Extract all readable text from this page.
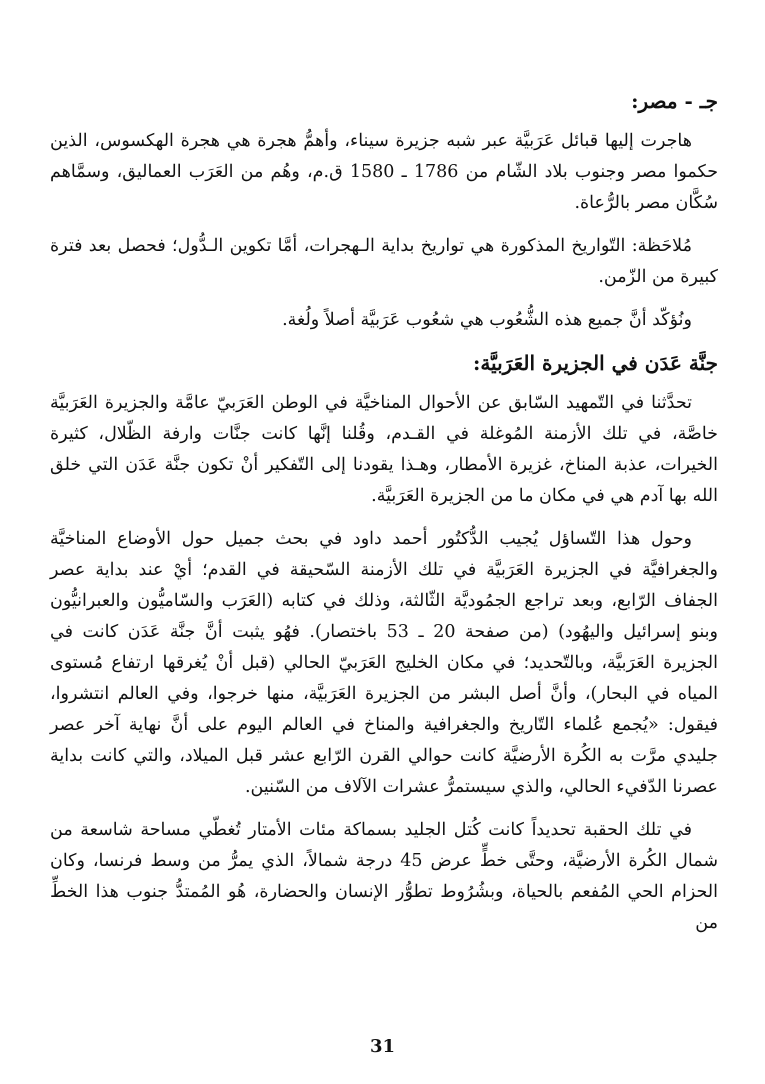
جـ - مصر:

هاجرت إليها قبائل عَرَبيَّة عبر شبه جزيرة سيناء، وأهمُّ هجرة هي هجرة الهكسوس، الذين حكموا مصر وجنوب بلاد الشّام من 1786 ـ 1580 ق.م، وهُم من العَرَب العماليق، وسمَّاهم سُكَّان مصر بالرُّعاة.

مُلاحَظة: التّواريخ المذكورة هي تواريخ بداية الـهجرات، أمَّا تكوين الـدُّول؛ فحصل بعد فترة كبيرة من الزّمن.

ونُؤكّد أنَّ جميع هذه الشُّعُوب هي شعُوب عَرَبيَّة أصلاً ولُغة.

جنَّة عَدَن في الجزيرة العَرَبيَّة:

تحدَّثنا في التّمهيد السّابق عن الأحوال المناخيَّة في الوطن العَرَبيّ عامَّة والجزيرة العَرَبيَّة خاصَّة، في تلك الأزمنة المُوغلة في القـدم، وقُلنا إنَّها كانت جنَّات وارفة الظّلال، كثيرة الخيرات، عذبة المناخ، غزيرة الأمطار، وهـذا يقودنا إلى التّفكير أنْ تكون جنَّة عَدَن التي خلق الله بها آدم هي في مكان ما من الجزيرة العَرَبيَّة.

وحول هذا التّساؤل يُجيب الدُّكتُور أحمد داود في بحث جميل حول الأوضاع المناخيَّة والجغرافيَّة في الجزيرة العَرَبيَّة في تلك الأزمنة السّحيقة في القدم؛ أيْ عند بداية عصر الجفاف الرّابع، وبعد تراجع الجمُوديَّة الثّالثة، وذلك في كتابه (العَرَب والسّاميُّون والعبرانيُّون وبنو إسرائيل واليهُود) (من صفحة 20 ـ 53 باختصار). فهُو يثبت أنَّ جنَّة عَدَن كانت في الجزيرة العَرَبيَّة، وبالتّحديد؛ في مكان الخليج العَرَبيّ الحالي (قبل أنْ يُغرقها ارتفاع مُستوى المياه في البحار)، وأنَّ أصل البشر من الجزيرة العَرَبيَّة، منها خرجوا، وفي العالم انتشروا، فيقول: «يُجمع عُلماء التّاريخ والجغرافية والمناخ في العالم اليوم على أنَّ نهاية آخر عصر جليدي مرَّت به الكُرة الأرضيَّة كانت حوالي القرن الرّابع عشر قبل الميلاد، والتي كانت بداية عصرنا الدّفيء الحالي، والذي سيستمرُّ عشرات الآلاف من السّنين.

في تلك الحقبة تحديداً كانت كُتل الجليد بسماكة مئات الأمتار تُغطّي مساحة شاسعة من شمال الكُرة الأرضيَّة، وحتَّى خطٍّ عرض 45 درجة شمالاً، الذي يمرُّ من وسط فرنسا، وكان الحزام الحي المُفعم بالحياة، وبشُرُوط تطوُّر الإنسان والحضارة، هُو المُمتدُّ جنوب هذا الخطِّ من

31
